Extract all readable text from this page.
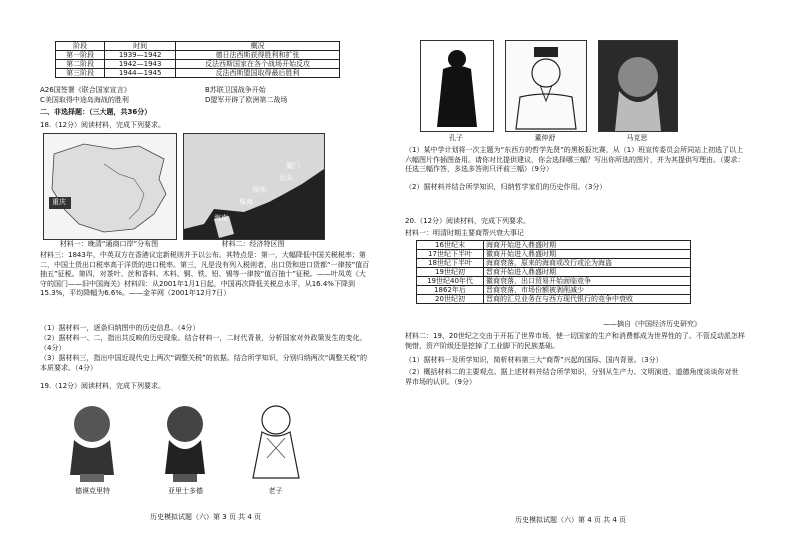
阶段	时间	概况
第一阶段	1939—1942	德日法西斯获得胜利和扩张
第二阶段	1942—1943	反法西斯国家在各个战场开始反攻
第三阶段	1944—1945	反法西斯盟国取得最后胜利
A26国签署《联合国家宣言》	B苏联卫国战争开始
C美国取得中途岛海战的胜利	D盟军开辟了欧洲第二战场
二、非选择题：（三大题，共36分）
18.（12分）阅读材料，完成下列要求。
重庆
厦门
汕头
深圳
珠海
海南
材料一：晚清“通商口岸”分布图	材料二：经济特区图
材料三：1843年，中英双方在香港议定新税则并予以公布。其特点是：第一，大幅降低中国关税税率；第二，中国土货出口税率高于洋货的进口税率。第三，凡是没有列入税则者，出口货和进口货都“一律按”值百抽五”征税。第四，对茶叶、丝和香料、木料、铜、铁、铅、锡等一律按“值百抽十”征税。——叶凤英《大守的国门——旧中国海关》材料四：从2001年1月1日起，中国再次降低关税总水平，从16.4%下降到15.3%，平均降幅为6.6%。——金羊网（2001年12月7日）
（1）据材料一，逐条归纳图中的历史信息。（4分）
（2）据材料一、二，指出共反映的历史现象。结合材料一，二时代背景，分析国家对外政策发生的变化。（4分）
（3）据材料三，指出中国近现代史上两次“调整关税”的依据。结合所学知识，分别归纳两次“调整关税”的本质要求。（4分）
19.（12分）阅读材料，完成下列要求。
德谟克里特	亚里士多德	老子
历史模拟试题（六）第 3 页 共 4 页
孔子	董仲舒	马克思
（1）某中学计划将一次主题为“东西方的哲学先贤”的黑板报比赛，从（1）班宣传委员会所同站上初选了以上六幅图片作插图备用。请你对比提供建议，你会选择哪三幅？写出你所选的图片，并为其提供写理由。（要求：任选三幅作答，多选多答则只评前三幅）（9分）
（2）据材料并结合所学知识，归纳哲学家们的历史作用。（3分）
20.（12分）阅读材料，完成下列要求。
材料一：明清时期主要商帮兴衰大事记
16世纪末	海商开始进入鼎盛时期
17世纪下半叶	徽商开始进入鼎盛时期
18世纪下半叶	海商衰落，原来的海商或改行或沦为海盗
19世纪初	晋商开始进入鼎盛时期
19世纪40年代	徽商衰落，出口贸易开始面临竞争
1862年后	晋商衰落，市场份额被剥削减少
20世纪初	晋商的汇兑业务在与西方现代银行的竞争中衰败
——摘自《中国经济历史研究》
材料二：19、20世纪之交由于开拓了世界市场，使一切国家的生产和消费都成为世界性的了。不管反动派怎样惋惜，资产阶级还是挖掉了工业脚下的民族基础。
（1）据材料一及所学知识，简析材料第三大“商帮”兴起的国际、国内背景。（3分）
（2）概括材料二的主要观点。据上述材料并结合所学知识，分别从生产力、文明演进、道德角度谈谈你对世界市场的认识。（9分）
历史模拟试题（六）第 4 页 共 4 页
